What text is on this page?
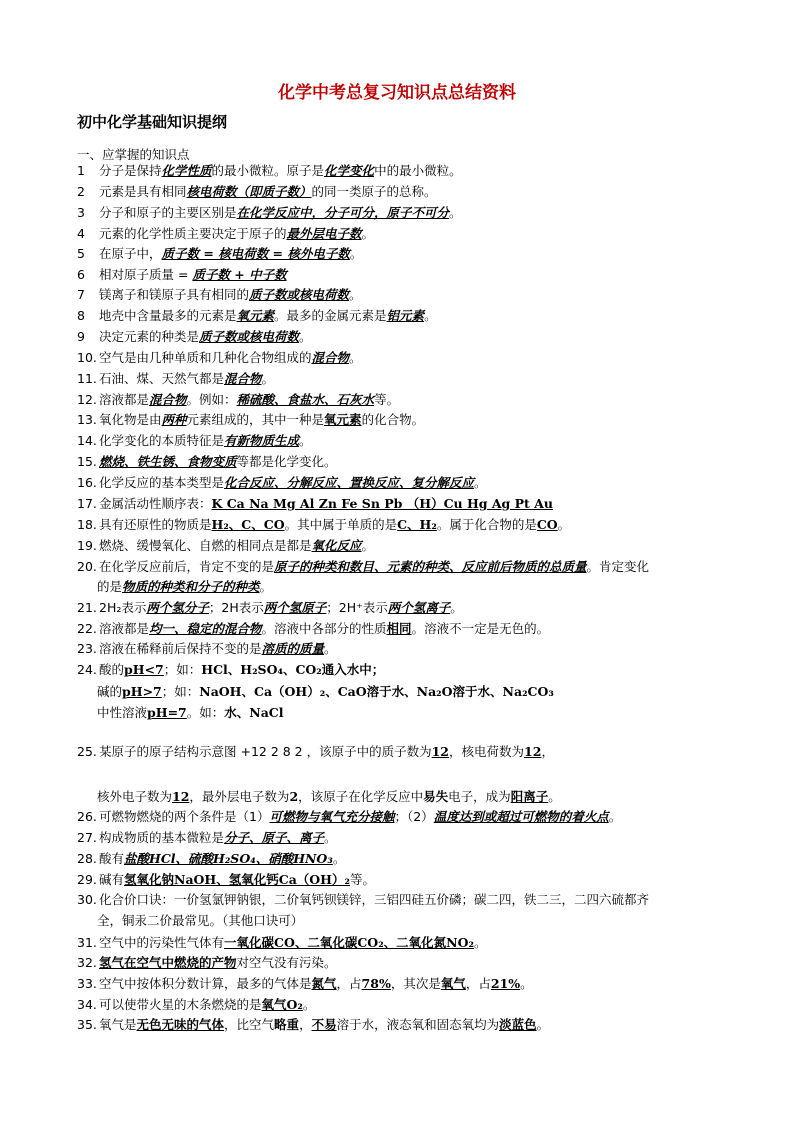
化学中考总复习知识点总结资料
初中化学基础知识提纲
一、应掌握的知识点
1 分子是保持化学性质的最小微粒。原子是化学变化中的最小微粒。
2 元素是具有相同核电荷数（即质子数）的同一类原子的总称。
3 分子和原子的主要区别是在化学反应中，分子可分，原子不可分。
4 元素的化学性质主要决定于原子的最外层电子数。
5 在原子中，质子数 = 核电荷数 = 核外电子数。
6 相对原子质量 = 质子数 + 中子数
7 镁离子和镁原子具有相同的质子数或核电荷数。
8 地壳中含量最多的元素是氧元素。最多的金属元素是铝元素。
9 决定元素的种类是质子数或核电荷数。
10. 空气是由几种单质和几种化合物组成的混合物。
11. 石油、煤、天然气都是混合物。
12. 溶液都是混合物。例如：稀硫酸、食盐水、石灰水等。
13. 氧化物是由两种元素组成的，其中一种是氧元素的化合物。
14. 化学变化的本质特征是有新物质生成。
15. 燃烧、铁生锈、食物变质等都是化学变化。
16. 化学反应的基本类型是化合反应、分解反应、置换反应、复分解反应。
17. 金属活动性顺序表：K Ca Na Mg Al Zn Fe Sn Pb （H）Cu Hg Ag Pt Au
18. 具有还原性的物质是H₂、C、CO。其中属于单质的是C、H₂。属于化合物的是CO。
19. 燃烧、缓慢氧化、自燃的相同点是都是氧化反应。
20. 在化学反应前后，肯定不变的是原子的种类和数目、元素的种类、反应前后物质的总质量。肯定变化
的是物质的种类和分子的种类。
21. 2H₂表示两个氢分子；2H表示两个氢原子；2H⁺表示两个氢离子。
22. 溶液都是均一、稳定的混合物。溶液中各部分的性质相同。溶液不一定是无色的。
23. 溶液在稀释前后保持不变的是溶质的质量。
24. 酸的pH<7；如：HCl、H₂SO₄、CO₂通入水中；
碱的pH>7；如：NaOH、Ca（OH）₂、CaO溶于水、Na₂O溶于水、Na₂CO₃
中性溶液pH=7。如：水、NaCl
25. 某原子的原子结构示意图 +12 2 8 2 ，该原子中的质子数为12，核电荷数为12，
核外电子数为12，最外层电子数为2，该原子在化学反应中易失电子，成为阳离子。
26. 可燃物燃烧的两个条件是（1）可燃物与氧气充分接触；（2）温度达到或超过可燃物的着火点。
27. 构成物质的基本微粒是分子、原子、离子。
28. 酸有盐酸HCl、硫酸H₂SO₄、硝酸HNO₃。
29. 碱有氢氧化钠NaOH、氢氧化钙Ca（OH）₂等。
30. 化合价口诀：一价氢氯钾钠银，二价氧钙钡镁锌，三铝四硅五价磷；碳二四，铁二三，二四六硫都齐
全，铜汞二价最常见。（其他口诀可）
31. 空气中的污染性气体有一氧化碳CO、二氧化碳CO₂、二氧化氮NO₂。
32. 氢气在空气中燃烧的产物对空气没有污染。
33. 空气中按体积分数计算，最多的气体是氮气，占78%，其次是氧气，占21%。
34. 可以使带火星的木条燃烧的是氧气O₂。
35. 氧气是无色无味的气体，比空气略重，不易溶于水，液态氧和固态氧均为淡蓝色。
